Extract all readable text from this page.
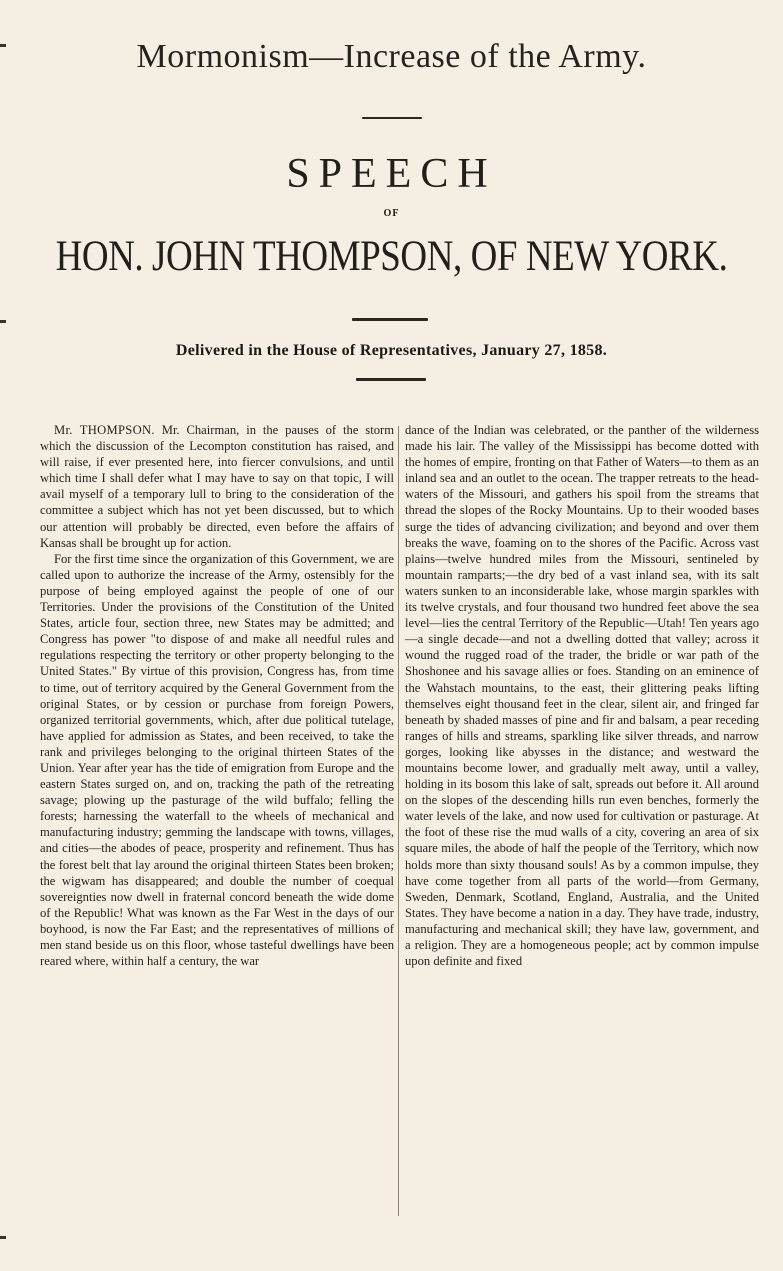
Mormonism—Increase of the Army.
SPEECH
OF
HON. JOHN THOMPSON, OF NEW YORK.
Delivered in the House of Representatives, January 27, 1858.

Mr. THOMPSON. Mr. Chairman, in the pauses of the storm which the discussion of the Lecompton constitution has raised, and will raise, if ever presented here, into fiercer convulsions, and until which time I shall defer what I may have to say on that topic, I will avail myself of a temporary lull to bring to the consideration of the committee a subject which has not yet been discussed, but to which our attention will probably be directed, even before the affairs of Kansas shall be brought up for action.

For the first time since the organization of this Government, we are called upon to authorize the increase of the Army, ostensibly for the purpose of being employed against the people of one of our Territories. Under the provisions of the Constitution of the United States, article four, section three, new States may be admitted; and Congress has power "to dispose of and make all needful rules and regulations respecting the territory or other property belonging to the United States." By virtue of this provision, Congress has, from time to time, out of territory acquired by the General Government from the original States, or by cession or purchase from foreign Powers, organized territorial governments, which, after due political tutelage, have applied for admission as States, and been received, to take the rank and privileges belonging to the original thirteen States of the Union. Year after year has the tide of emigration from Europe and the eastern States surged on, and on, tracking the path of the retreating savage; plowing up the pasturage of the wild buffalo; felling the forests; harnessing the waterfall to the wheels of mechanical and manufacturing industry; gemming the landscape with towns, villages, and cities—the abodes of peace, prosperity and refinement. Thus has the forest belt that lay around the original thirteen States been broken; the wigwam has disappeared; and double the number of coequal sovereignties now dwell in fraternal concord beneath the wide dome of the Republic! What was known as the Far West in the days of our boyhood, is now the Far East; and the representatives of millions of men stand beside us on this floor, whose tasteful dwellings have been reared where, within half a century, the war

dance of the Indian was celebrated, or the panther of the wilderness made his lair. The valley of the Mississippi has become dotted with the homes of empire, fronting on that Father of Waters—to them as an inland sea and an outlet to the ocean. The trapper retreats to the head-waters of the Missouri, and gathers his spoil from the streams that thread the slopes of the Rocky Mountains. Up to their wooded bases surge the tides of advancing civilization; and beyond and over them breaks the wave, foaming on to the shores of the Pacific. Across vast plains—twelve hundred miles from the Missouri, sentineled by mountain ramparts;—the dry bed of a vast inland sea, with its salt waters sunken to an inconsiderable lake, whose margin sparkles with its twelve crystals, and four thousand two hundred feet above the sea level—lies the central Territory of the Republic—Utah! Ten years ago—a single decade—and not a dwelling dotted that valley; across it wound the rugged road of the trader, the bridle or war path of the Shoshonee and his savage allies or foes. Standing on an eminence of the Wahstach mountains, to the east, their glittering peaks lifting themselves eight thousand feet in the clear, silent air, and fringed far beneath by shaded masses of pine and fir and balsam, a pear receding ranges of hills and streams, sparkling like silver threads, and narrow gorges, looking like abysses in the distance; and westward the mountains become lower, and gradually melt away, until a valley, holding in its bosom this lake of salt, spreads out before it. All around on the slopes of the descending hills run even benches, formerly the water levels of the lake, and now used for cultivation or pasturage. At the foot of these rise the mud walls of a city, covering an area of six square miles, the abode of half the people of the Territory, which now holds more than sixty thousand souls! As by a common impulse, they have come together from all parts of the world—from Germany, Sweden, Denmark, Scotland, England, Australia, and the United States. They have become a nation in a day. They have trade, industry, manufacturing and mechanical skill; they have law, government, and a religion. They are a homogeneous people; act by common impulse upon definite and fixed
